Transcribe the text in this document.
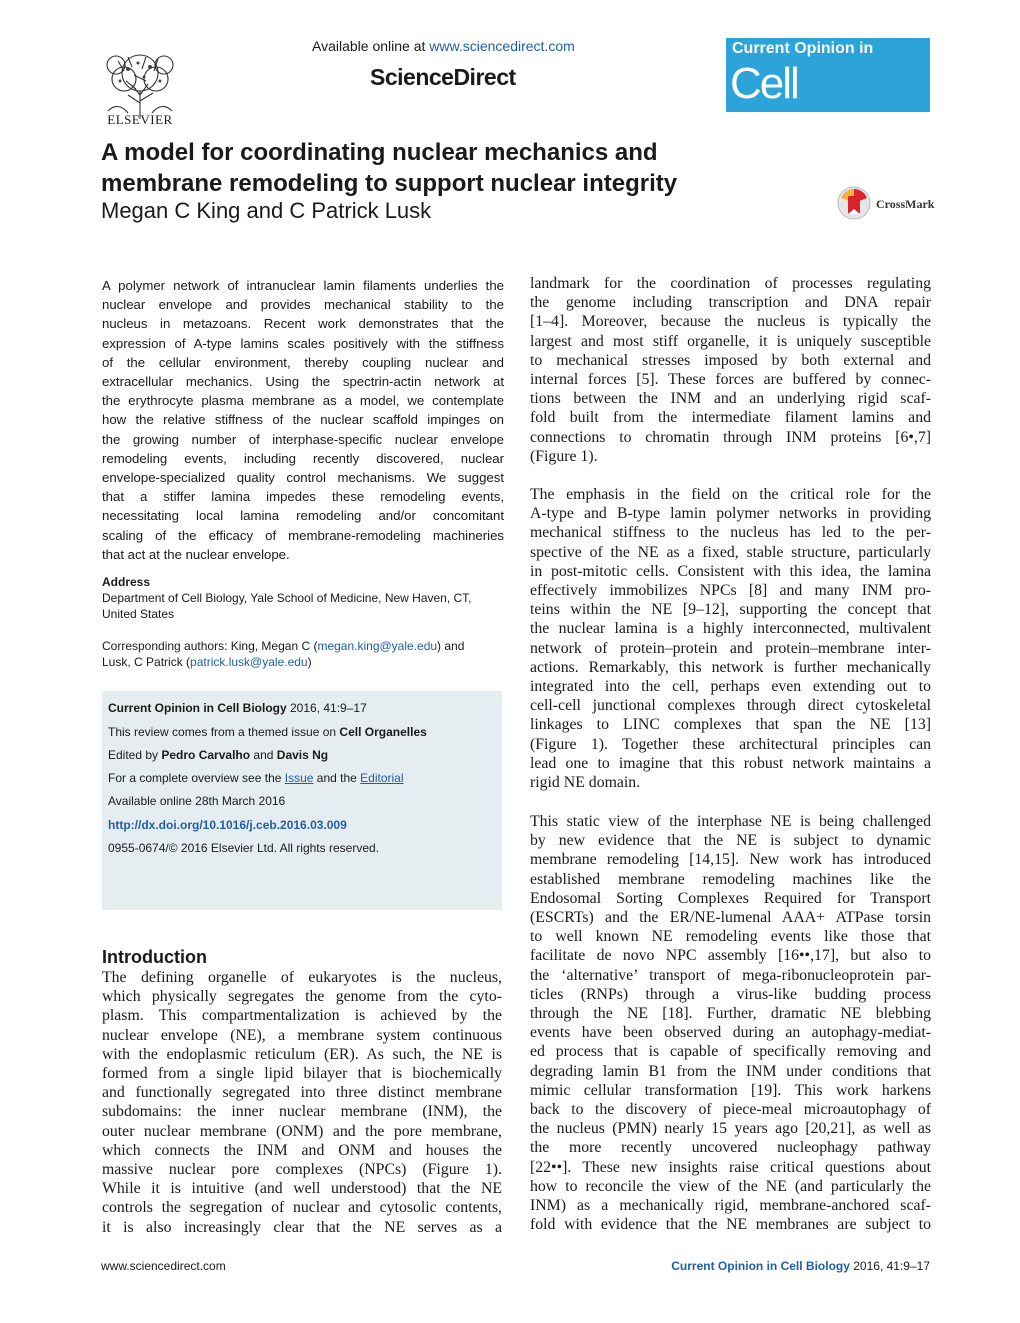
ELSEVIER
Available online at www.sciencedirect.com
ScienceDirect
Current Opinion in
Cell Biology
A model for coordinating nuclear mechanics and
membrane remodeling to support nuclear integrity
Megan C King and C Patrick Lusk	CrossMark
A polymer network of intranuclear lamin filaments underlies the
nuclear envelope and provides mechanical stability to the
nucleus in metazoans. Recent work demonstrates that the
expression of A-type lamins scales positively with the stiffness
of the cellular environment, thereby coupling nuclear and
extracellular mechanics. Using the spectrin-actin network at
the erythrocyte plasma membrane as a model, we contemplate
how the relative stiffness of the nuclear scaffold impinges on
the growing number of interphase-specific nuclear envelope
remodeling events, including recently discovered, nuclear
envelope-specialized quality control mechanisms. We suggest
that a stiffer lamina impedes these remodeling events,
necessitating local lamina remodeling and/or concomitant
scaling of the efficacy of membrane-remodeling machineries
that act at the nuclear envelope.
Address
Department of Cell Biology, Yale School of Medicine, New Haven, CT,
United States
Corresponding authors: King, Megan C (megan.king@yale.edu) and
Lusk, C Patrick (patrick.lusk@yale.edu)
Current Opinion in Cell Biology 2016, 41:9–17
This review comes from a themed issue on Cell Organelles
Edited by Pedro Carvalho and Davis Ng
For a complete overview see the Issue and the Editorial
Available online 28th March 2016
http://dx.doi.org/10.1016/j.ceb.2016.03.009
0955-0674/© 2016 Elsevier Ltd. All rights reserved.
Introduction
The defining organelle of eukaryotes is the nucleus,
which physically segregates the genome from the cyto-
plasm. This compartmentalization is achieved by the
nuclear envelope (NE), a membrane system continuous
with the endoplasmic reticulum (ER). As such, the NE is
formed from a single lipid bilayer that is biochemically
and functionally segregated into three distinct membrane
subdomains: the inner nuclear membrane (INM), the
outer nuclear membrane (ONM) and the pore membrane,
which connects the INM and ONM and houses the
massive nuclear pore complexes (NPCs) (Figure 1).
While it is intuitive (and well understood) that the NE
controls the segregation of nuclear and cytosolic contents,
it is also increasingly clear that the NE serves as a
landmark for the coordination of processes regulating
the genome including transcription and DNA repair
[1–4]. Moreover, because the nucleus is typically the
largest and most stiff organelle, it is uniquely susceptible
to mechanical stresses imposed by both external and
internal forces [5]. These forces are buffered by connec-
tions between the INM and an underlying rigid scaf-
fold built from the intermediate filament lamins and
connections to chromatin through INM proteins [6•,7]
(Figure 1).
The emphasis in the field on the critical role for the
A-type and B-type lamin polymer networks in providing
mechanical stiffness to the nucleus has led to the per-
spective of the NE as a fixed, stable structure, particularly
in post-mitotic cells. Consistent with this idea, the lamina
effectively immobilizes NPCs [8] and many INM pro-
teins within the NE [9–12], supporting the concept that
the nuclear lamina is a highly interconnected, multivalent
network of protein–protein and protein–membrane inter-
actions. Remarkably, this network is further mechanically
integrated into the cell, perhaps even extending out to
cell-cell junctional complexes through direct cytoskeletal
linkages to LINC complexes that span the NE [13]
(Figure 1). Together these architectural principles can
lead one to imagine that this robust network maintains a
rigid NE domain.
This static view of the interphase NE is being challenged
by new evidence that the NE is subject to dynamic
membrane remodeling [14,15]. New work has introduced
established membrane remodeling machines like the
Endosomal Sorting Complexes Required for Transport
(ESCRTs) and the ER/NE-lumenal AAA+ ATPase torsin
to well known NE remodeling events like those that
facilitate de novo NPC assembly [16••,17], but also to
the ‘alternative’ transport of mega-ribonucleoprotein par-
ticles (RNPs) through a virus-like budding process
through the NE [18]. Further, dramatic NE blebbing
events have been observed during an autophagy-mediat-
ed process that is capable of specifically removing and
degrading lamin B1 from the INM under conditions that
mimic cellular transformation [19]. This work harkens
back to the discovery of piece-meal microautophagy of
the nucleus (PMN) nearly 15 years ago [20,21], as well as
the more recently uncovered nucleophagy pathway
[22••]. These new insights raise critical questions about
how to reconcile the view of the NE (and particularly the
INM) as a mechanically rigid, membrane-anchored scaf-
fold with evidence that the NE membranes are subject to
www.sciencedirect.com	Current Opinion in Cell Biology 2016, 41:9–17
